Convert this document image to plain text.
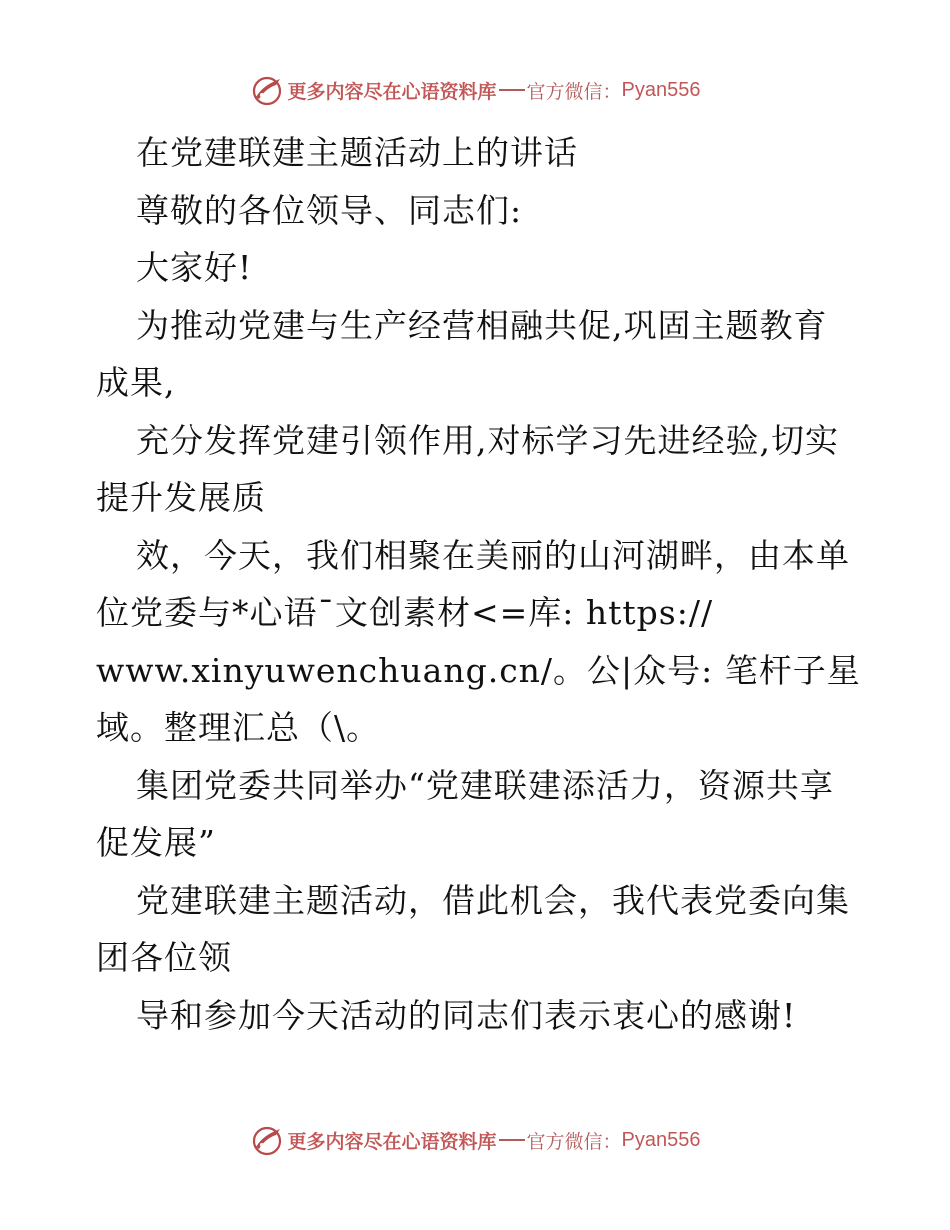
更多内容尽在心语资料库 官方微信： Pyan556
在党建联建主题活动上的讲话
尊敬的各位领导、同志们:
大家好!
为推动党建与生产经营相融共促,巩固主题教育
成果,
充分发挥党建引领作用,对标学习先进经验,切实
提升发展质
效，今天，我们相聚在美丽的山河湖畔，由本单
位党委与*心语¯文创素材<=库: https://
www.xinyuwenchuang.cn/。公|众号: 笔杆子星
域。整理汇总（\。
集团党委共同举办“党建联建添活力，资源共享
促发展”
党建联建主题活动，借此机会，我代表党委向集
团各位领
导和参加今天活动的同志们表示衷心的感谢!
更多内容尽在心语资料库 官方微信： Pyan556
